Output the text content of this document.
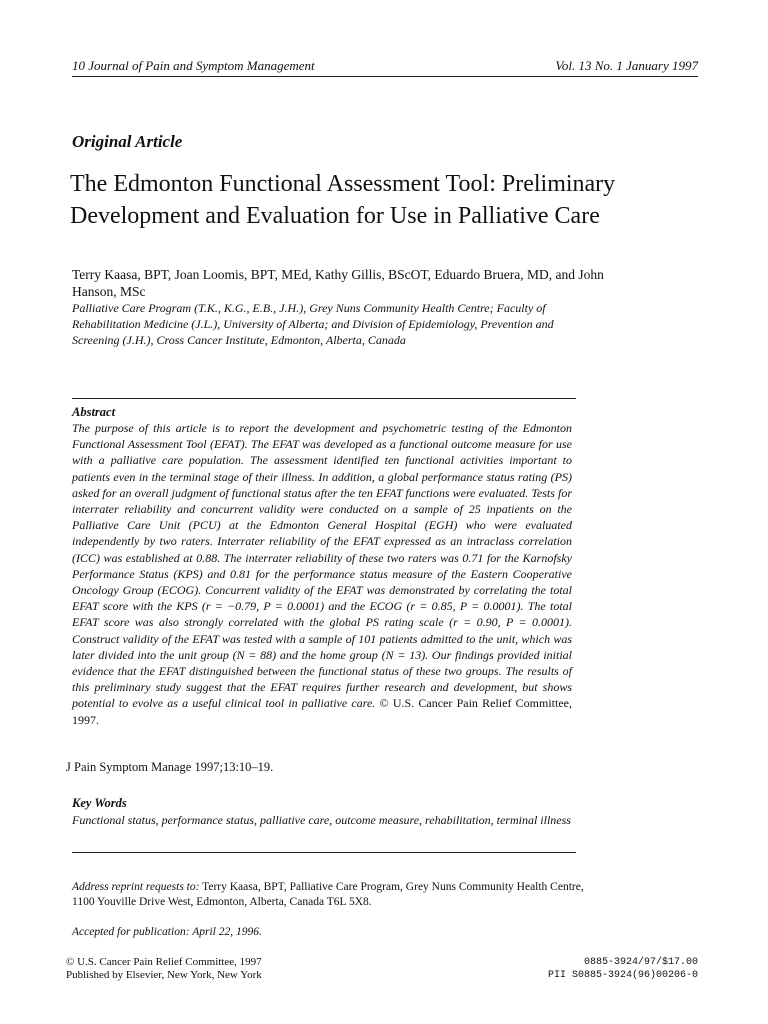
10 Journal of Pain and Symptom Management	Vol. 13 No. 1 January 1997
Original Article
The Edmonton Functional Assessment Tool: Preliminary Development and Evaluation for Use in Palliative Care
Terry Kaasa, BPT, Joan Loomis, BPT, MEd, Kathy Gillis, BScOT, Eduardo Bruera, MD, and John Hanson, MSc
Palliative Care Program (T.K., K.G., E.B., J.H.), Grey Nuns Community Health Centre; Faculty of Rehabilitation Medicine (J.L.), University of Alberta; and Division of Epidemiology, Prevention and Screening (J.H.), Cross Cancer Institute, Edmonton, Alberta, Canada
Abstract
The purpose of this article is to report the development and psychometric testing of the Edmonton Functional Assessment Tool (EFAT). The EFAT was developed as a functional outcome measure for use with a palliative care population. The assessment identified ten functional activities important to patients even in the terminal stage of their illness. In addition, a global performance status rating (PS) asked for an overall judgment of functional status after the ten EFAT functions were evaluated. Tests for interrater reliability and concurrent validity were conducted on a sample of 25 inpatients on the Palliative Care Unit (PCU) at the Edmonton General Hospital (EGH) who were evaluated independently by two raters. Interrater reliability of the EFAT expressed as an intraclass correlation (ICC) was established at 0.88. The interrater reliability of these two raters was 0.71 for the Karnofsky Performance Status (KPS) and 0.81 for the performance status measure of the Eastern Cooperative Oncology Group (ECOG). Concurrent validity of the EFAT was demonstrated by correlating the total EFAT score with the KPS (r = −0.79, P = 0.0001) and the ECOG (r = 0.85, P = 0.0001). The total EFAT score was also strongly correlated with the global PS rating scale (r = 0.90, P = 0.0001). Construct validity of the EFAT was tested with a sample of 101 patients admitted to the unit, which was later divided into the unit group (N = 88) and the home group (N = 13). Our findings provided initial evidence that the EFAT distinguished between the functional status of these two groups. The results of this preliminary study suggest that the EFAT requires further research and development, but shows potential to evolve as a useful clinical tool in palliative care. © U.S. Cancer Pain Relief Committee, 1997.
J Pain Symptom Manage 1997;13:10–19.
Key Words
Functional status, performance status, palliative care, outcome measure, rehabilitation, terminal illness
Address reprint requests to: Terry Kaasa, BPT, Palliative Care Program, Grey Nuns Community Health Centre, 1100 Youville Drive West, Edmonton, Alberta, Canada T6L 5X8.
Accepted for publication: April 22, 1996.
© U.S. Cancer Pain Relief Committee, 1997
Published by Elsevier, New York, New York
0885-3924/97/$17.00
PII S0885-3924(96)00206-0
